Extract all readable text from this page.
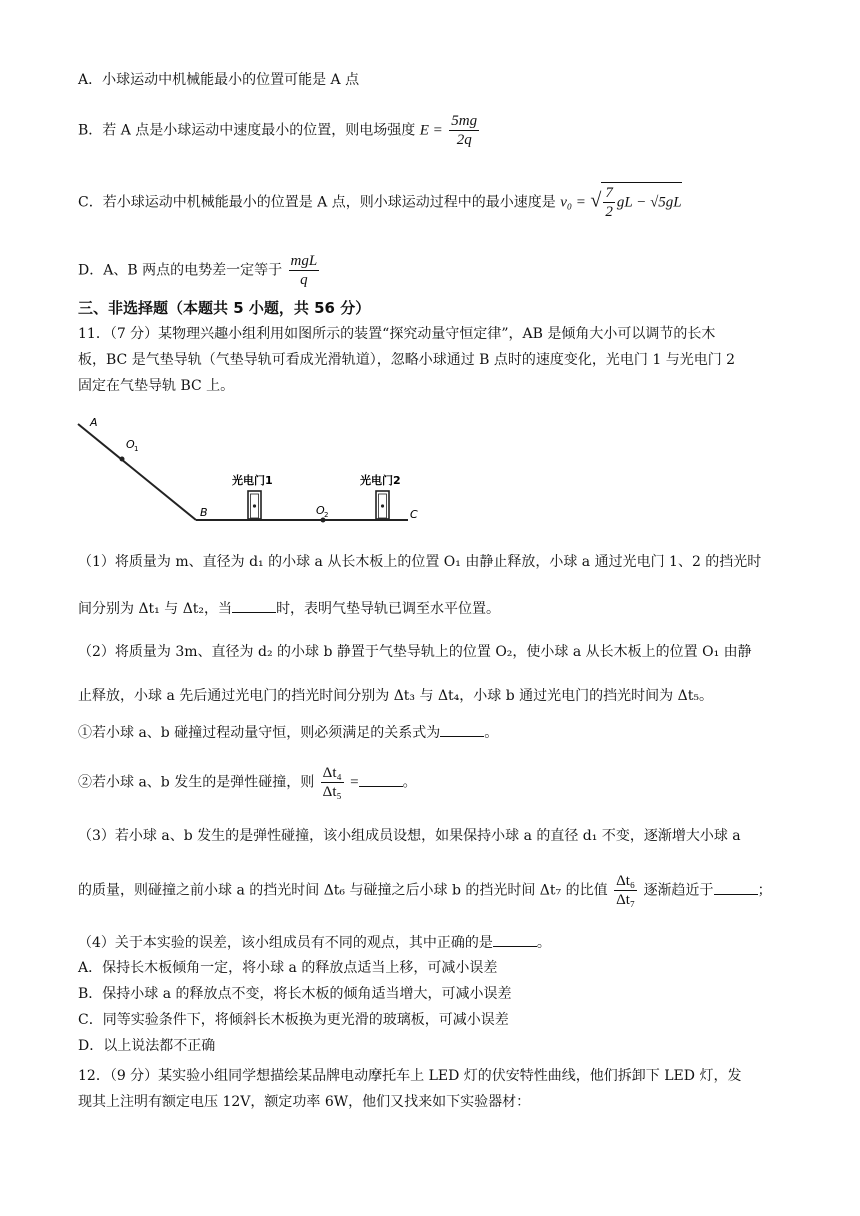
A．小球运动中机械能最小的位置可能是 A 点
B．若 A 点是小球运动中速度最小的位置，则电场强度 $E = \frac{5mg}{2q}$
C．若小球运动中机械能最小的位置是 A 点，则小球运动过程中的最小速度是 v₀ = √ $\frac{7}{2}$ gL − √5gL
D．A、B 两点的电势差一定等于 $\frac{\text{mgL}}{q}$
三、非选择题（本题共 5 小题，共 56 分）
11．（7 分）某物理兴趣小组利用如图所示的装置“探究动量守恒定律”，AB 是倾角大小可以调节的长木
板，BC 是气垫导轨（气垫导轨可看成光滑轨道），忽略小球通过 B 点时的速度变化，光电门 1 与光电门 2
固定在气垫导轨 BC 上。
A
O 1
B	O 2	C
光电门1	光电门2
（1）将质量为 m、直径为 d₁ 的小球 a 从长木板上的位置 O₁ 由静止释放，小球 a 通过光电门 1、2 的挡光时
间分别为 Δt₁ 与 Δt₂，当	时，表明气垫导轨已调至水平位置。
（2）将质量为 3m、直径为 d₂ 的小球 b 静置于气垫导轨上的位置 O₂，使小球 a 从长木板上的位置 O₁ 由静
止释放，小球 a 先后通过光电门的挡光时间分别为 Δt₃ 与 Δt₄，小球 b 通过光电门的挡光时间为 Δt₅。
①若小球 a、b 碰撞过程动量守恒，则必须满足的关系式为	。
②若小球 a、b 发生的是弹性碰撞，则 $\frac{\text{Δt₄}}{\text{Δt₅}}$ =	。
（3）若小球 a、b 发生的是弹性碰撞，该小组成员设想，如果保持小球 a 的直径 d₁ 不变，逐渐增大小球 a
的质量，则碰撞之前小球 a 的挡光时间 Δt₆ 与碰撞之后小球 b 的挡光时间 Δt₇ 的比值 $\frac{\text{Δt₆}}{\text{Δt₇}}$ 逐渐趋近于	；
（4）关于本实验的误差，该小组成员有不同的观点，其中正确的是	。
A．保持长木板倾角一定，将小球 a 的释放点适当上移，可减小误差
B．保持小球 a 的释放点不变，将长木板的倾角适当增大，可减小误差
C．同等实验条件下，将倾斜长木板换为更光滑的玻璃板，可减小误差
D．以上说法都不正确
12．（9 分）某实验小组同学想描绘某品牌电动摩托车上 LED 灯的伏安特性曲线，他们拆卸下 LED 灯，发
现其上注明有额定电压 12V，额定功率 6W，他们又找来如下实验器材：
